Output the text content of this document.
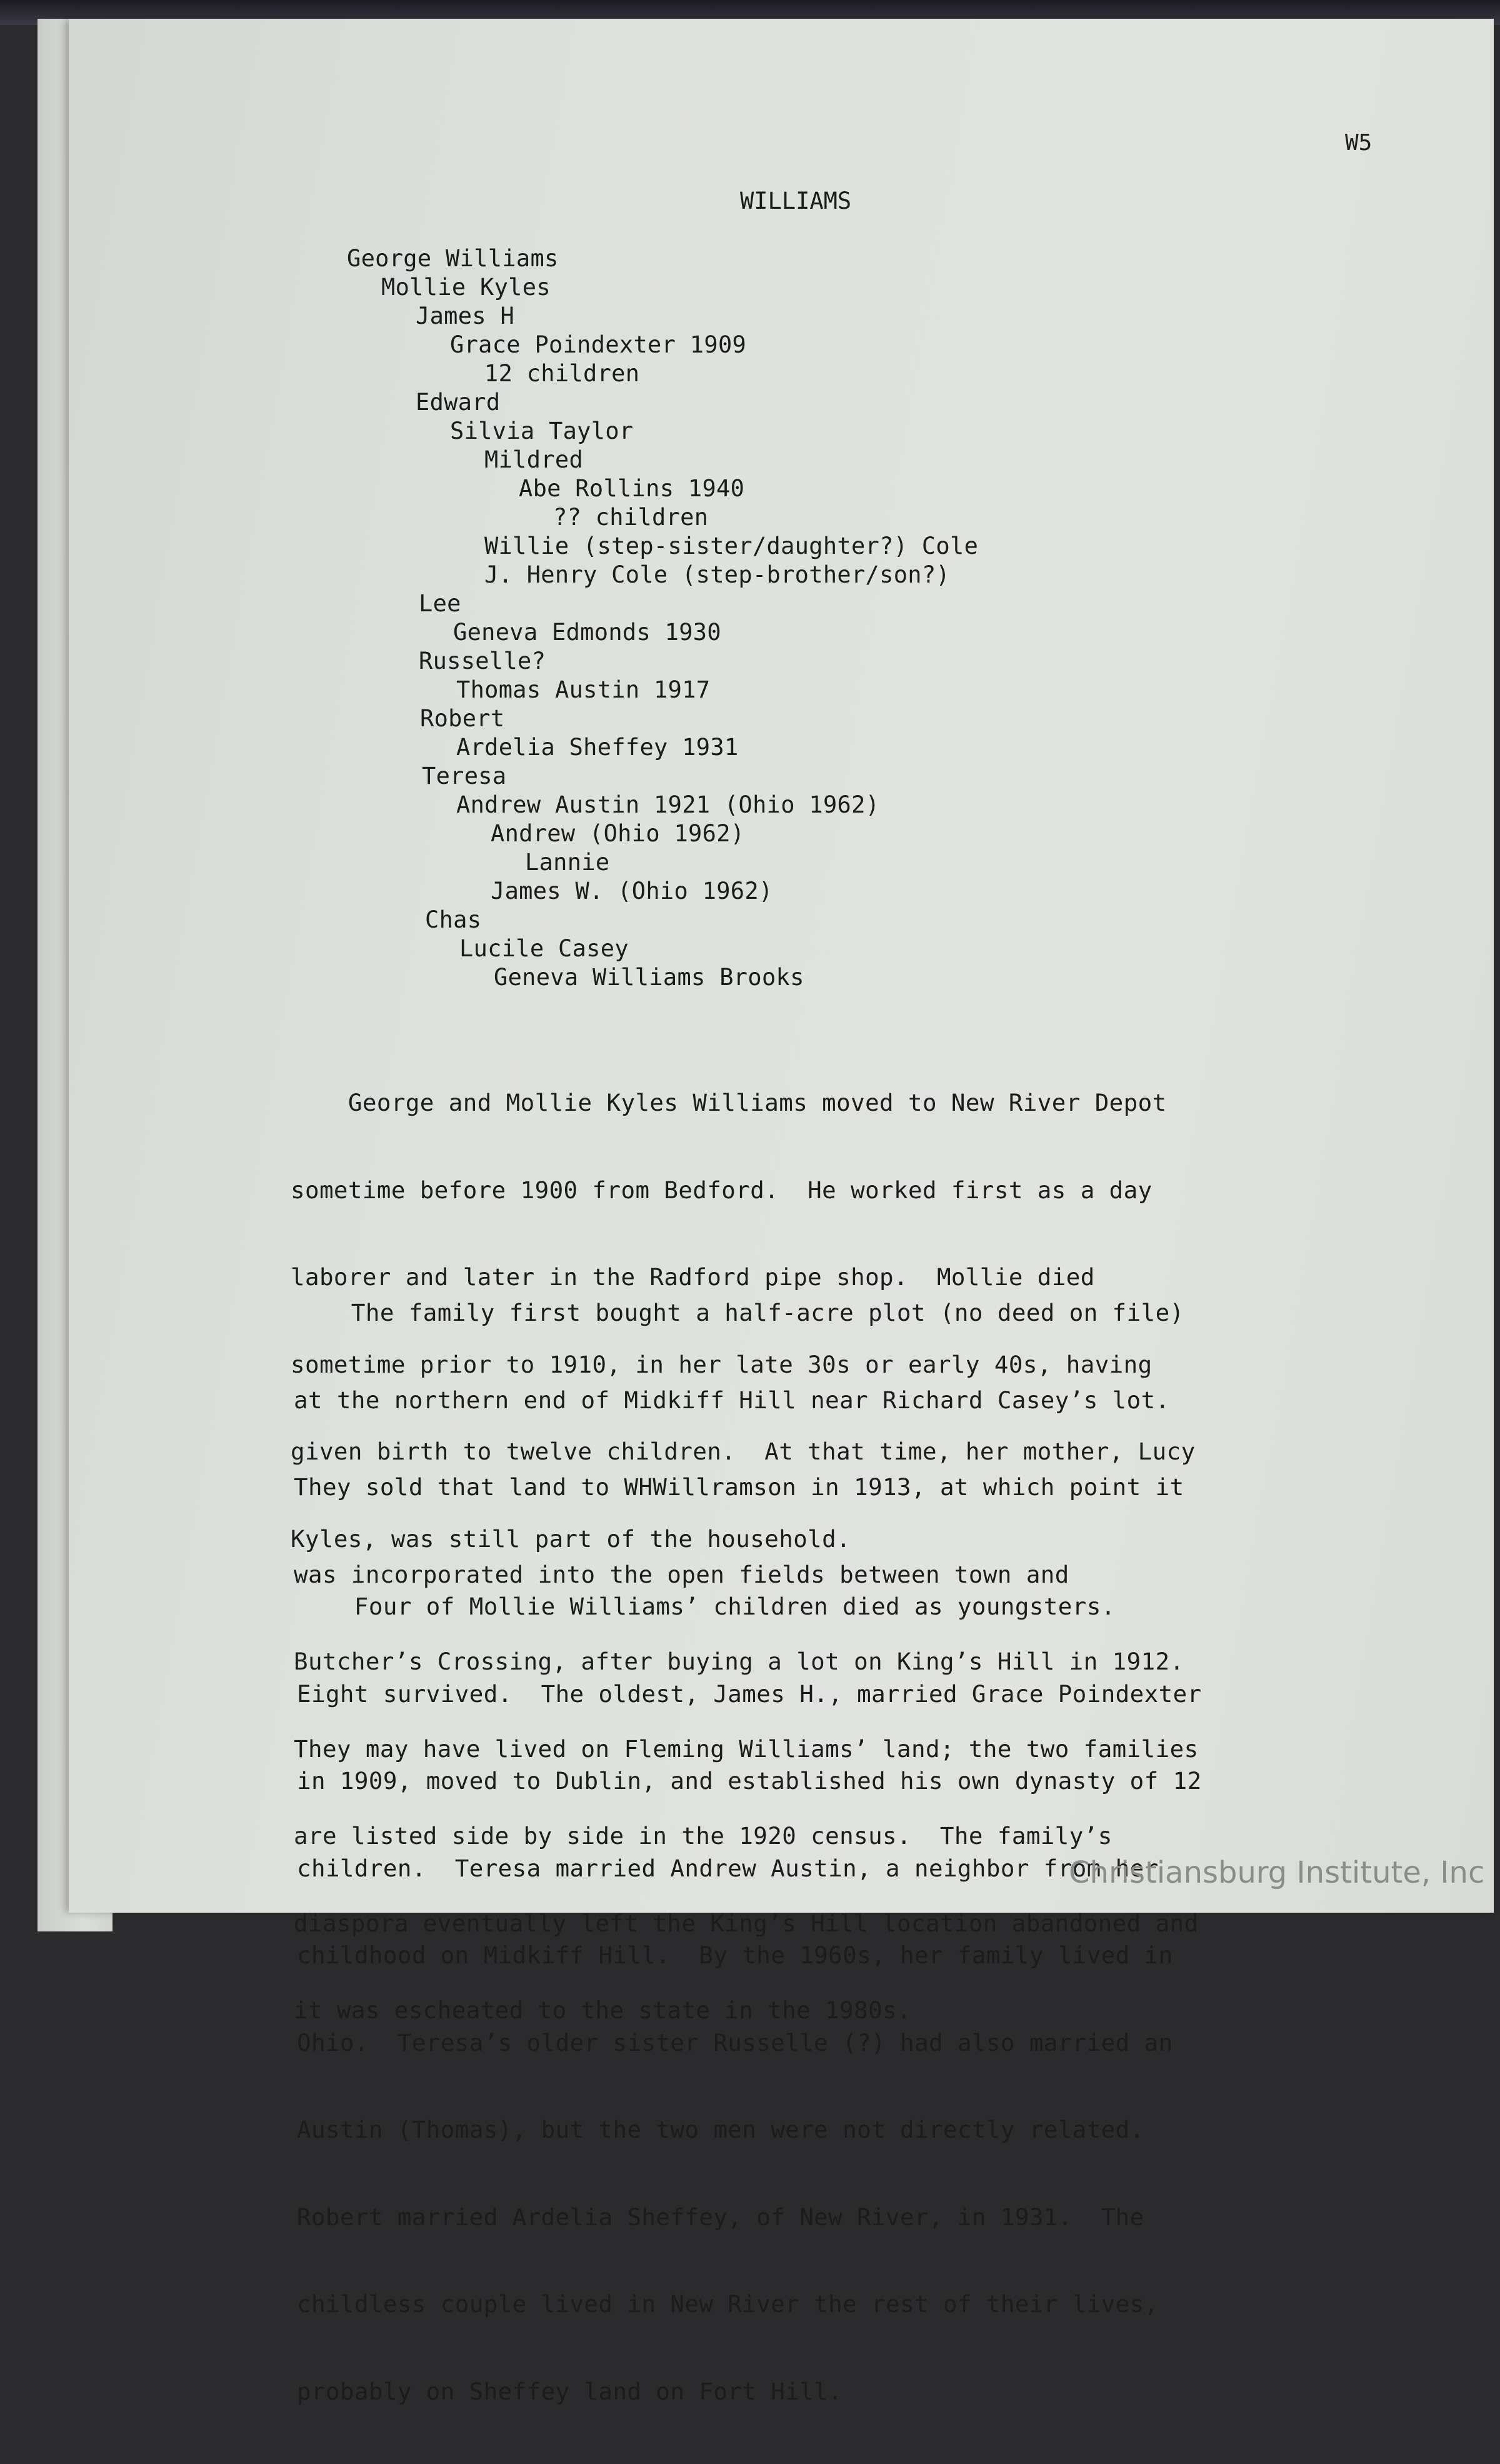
W5
WILLIAMS
George Williams
Mollie Kyles
James H
Grace Poindexter 1909
12 children
Edward
Silvia Taylor
Mildred
Abe Rollins 1940
?? children
Willie (step-sister/daughter?) Cole
J. Henry Cole (step-brother/son?)
Lee
Geneva Edmonds 1930
Russelle?
Thomas Austin 1917
Robert
Ardelia Sheffey 1931
Teresa
Andrew Austin 1921 (Ohio 1962)
Andrew (Ohio 1962)
Lannie
James W. (Ohio 1962)
Chas
Lucile Casey
Geneva Williams Brooks

George and Mollie Kyles Williams moved to New River Depot

sometime before 1900 from Bedford.  He worked first as a day

laborer and later in the Radford pipe shop.  Mollie died

sometime prior to 1910, in her late 30s or early 40s, having

given birth to twelve children.  At that time, her mother, Lucy

Kyles, was still part of the household.

The family first bought a half-acre plot (no deed on file)

at the northern end of Midkiff Hill near Richard Casey’s lot.

They sold that land to WHWillramson in 1913, at which point it

was incorporated into the open fields between town and

Butcher’s Crossing, after buying a lot on King’s Hill in 1912.

They may have lived on Fleming Williams’ land; the two families

are listed side by side in the 1920 census.  The family’s

diaspora eventually left the King’s Hill location abandoned and

it was escheated to the state in the 1980s.

Four of Mollie Williams’ children died as youngsters.

Eight survived.  The oldest, James H., married Grace Poindexter

in 1909, moved to Dublin, and established his own dynasty of 12

children.  Teresa married Andrew Austin, a neighbor from her

childhood on Midkiff Hill.  By the 1960s, her family lived in

Ohio.  Teresa’s older sister Russelle (?) had also married an

Austin (Thomas), but the two men were not directly related.

Robert married Ardelia Sheffey, of New River, in 1931.  The

childless couple lived in New River the rest of their lives,

probably on Sheffey land on Fort Hill.

Christiansburg Institute, Inc
